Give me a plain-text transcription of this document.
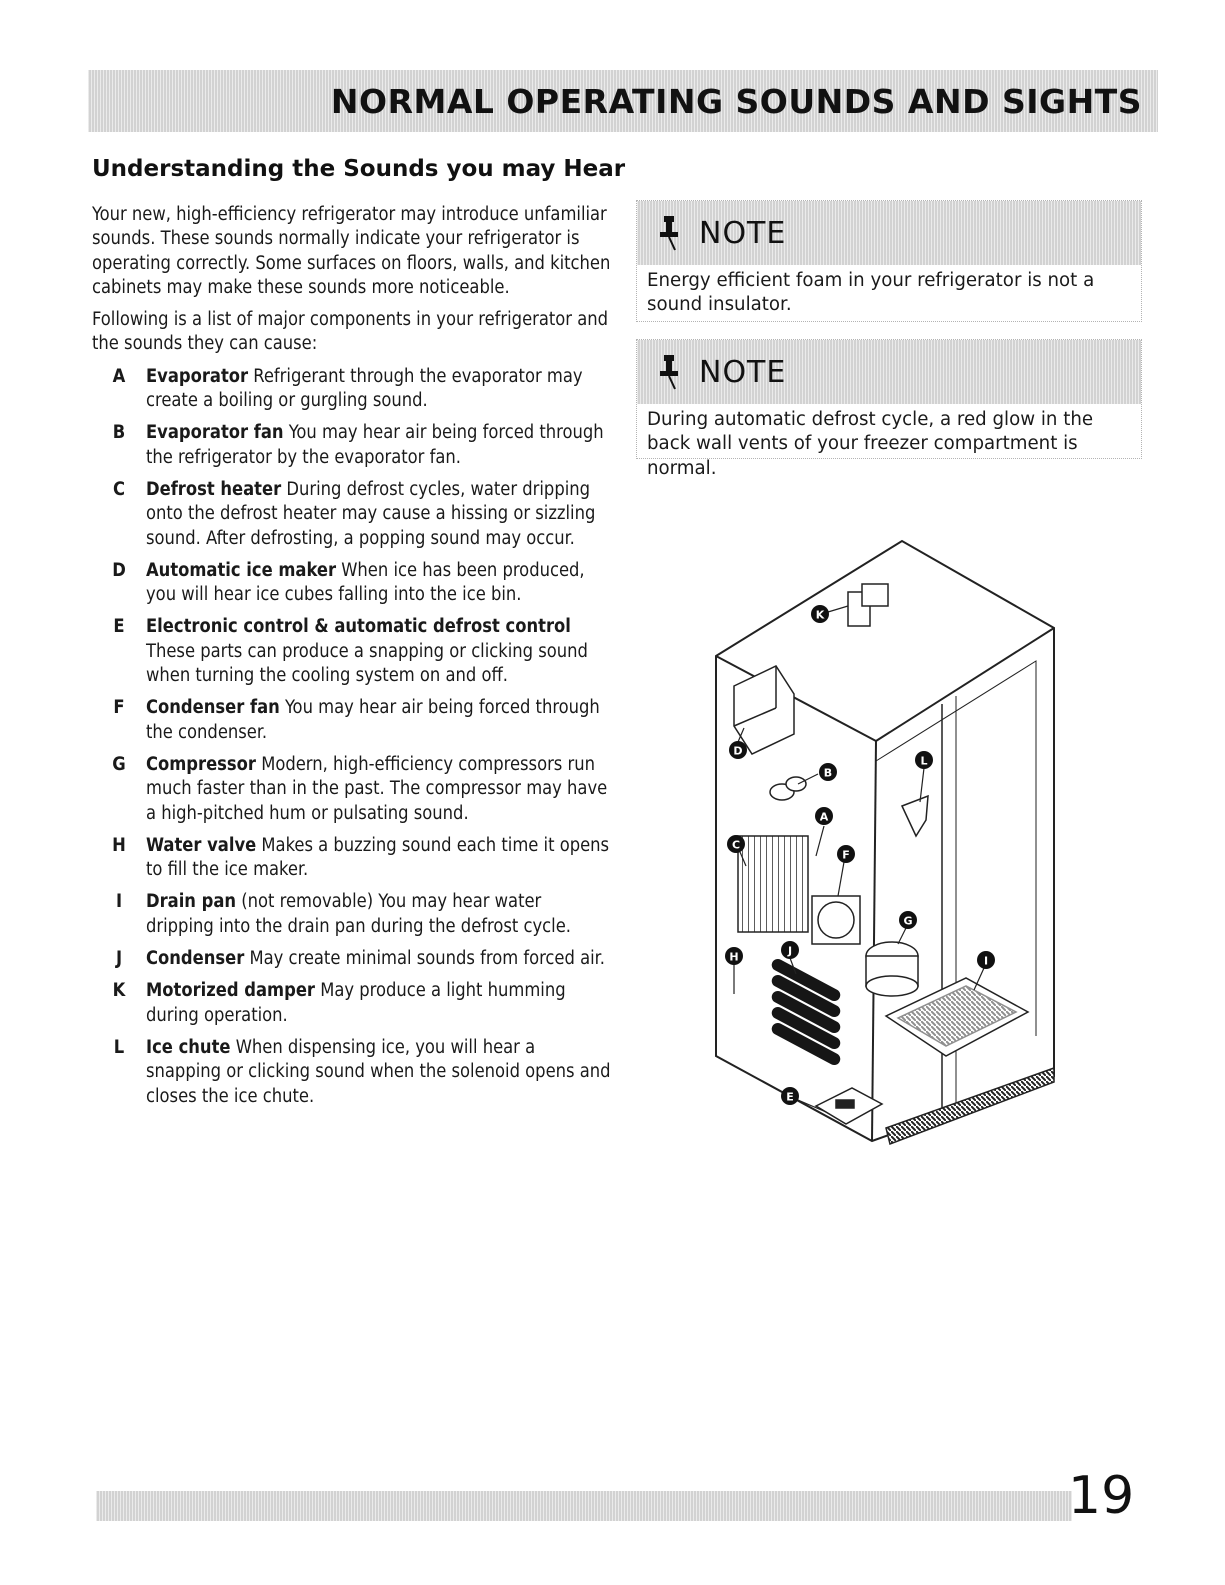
NORMAL OPERATING SOUNDS AND SIGHTS
Understanding the Sounds you may Hear

Your new, high-efficiency refrigerator may introduce unfamiliar sounds. These sounds normally indicate your refrigerator is operating correctly. Some surfaces on floors, walls, and kitchen cabinets may make these sounds more noticeable.

Following is a list of major components in your refrigerator and the sounds they can cause:

A	Evaporator Refrigerant through the evaporator may create a boiling or gurgling sound.
B	Evaporator fan You may hear air being forced through the refrigerator by the evaporator fan.
C	Defrost heater During defrost cycles, water dripping onto the defrost heater may cause a hissing or sizzling sound. After defrosting, a popping sound may occur.
D	Automatic ice maker When ice has been produced, you will hear ice cubes falling into the ice bin.
E	Electronic control & automatic defrost control These parts can produce a snapping or clicking sound when turning the cooling system on and off.
F	Condenser fan You may hear air being forced through the condenser.
G	Compressor Modern, high-efficiency compressors run much faster than in the past. The compressor may have a high-pitched hum or pulsating sound.
H	Water valve Makes a buzzing sound each time it opens to fill the ice maker.
I	Drain pan (not removable) You may hear water dripping into the drain pan during the defrost cycle.
J	Condenser May create minimal sounds from forced air.
K	Motorized damper May produce a light humming during operation.
L	Ice chute When dispensing ice, you will hear a snapping or clicking sound when the solenoid opens and closes the ice chute.
NOTE
Energy efficient foam in your refrigerator is not a sound insulator.
NOTE
During automatic defrost cycle, a red glow in the back wall vents of your freezer compartment is normal.
K
D
B
L
A
C
F
G
H	J
I
E
19
